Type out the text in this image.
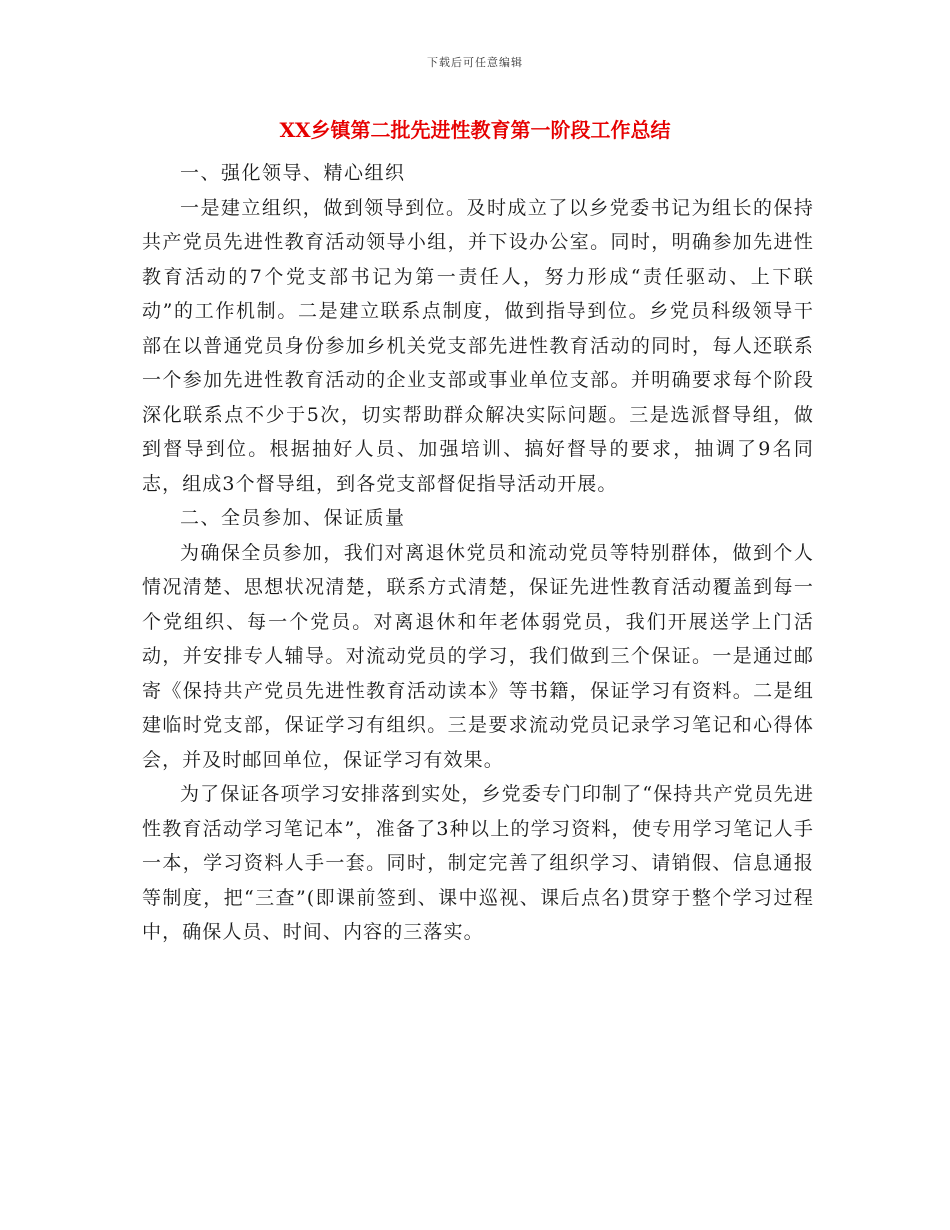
下载后可任意编辑
XX乡镇第二批先进性教育第一阶段工作总结

一、强化领导、精心组织

一是建立组织，做到领导到位。及时成立了以乡党委书记为组长的保持共产党员先进性教育活动领导小组，并下设办公室。同时，明确参加先进性教育活动的7个党支部书记为第一责任人，努力形成“责任驱动、上下联动”的工作机制。二是建立联系点制度，做到指导到位。乡党员科级领导干部在以普通党员身份参加乡机关党支部先进性教育活动的同时，每人还联系一个参加先进性教育活动的企业支部或事业单位支部。并明确要求每个阶段深化联系点不少于5次，切实帮助群众解决实际问题。三是选派督导组，做到督导到位。根据抽好人员、加强培训、搞好督导的要求，抽调了9名同志，组成3个督导组，到各党支部督促指导活动开展。

二、全员参加、保证质量

为确保全员参加，我们对离退休党员和流动党员等特别群体，做到个人情况清楚、思想状况清楚，联系方式清楚，保证先进性教育活动覆盖到每一个党组织、每一个党员。对离退休和年老体弱党员，我们开展送学上门活动，并安排专人辅导。对流动党员的学习，我们做到三个保证。一是通过邮寄《保持共产党员先进性教育活动读本》等书籍，保证学习有资料。二是组建临时党支部，保证学习有组织。三是要求流动党员记录学习笔记和心得体会，并及时邮回单位，保证学习有效果。

为了保证各项学习安排落到实处，乡党委专门印制了“保持共产党员先进性教育活动学习笔记本”，准备了3种以上的学习资料，使专用学习笔记人手一本，学习资料人手一套。同时，制定完善了组织学习、请销假、信息通报等制度，把“三查”(即课前签到、课中巡视、课后点名)贯穿于整个学习过程中，确保人员、时间、内容的三落实。
